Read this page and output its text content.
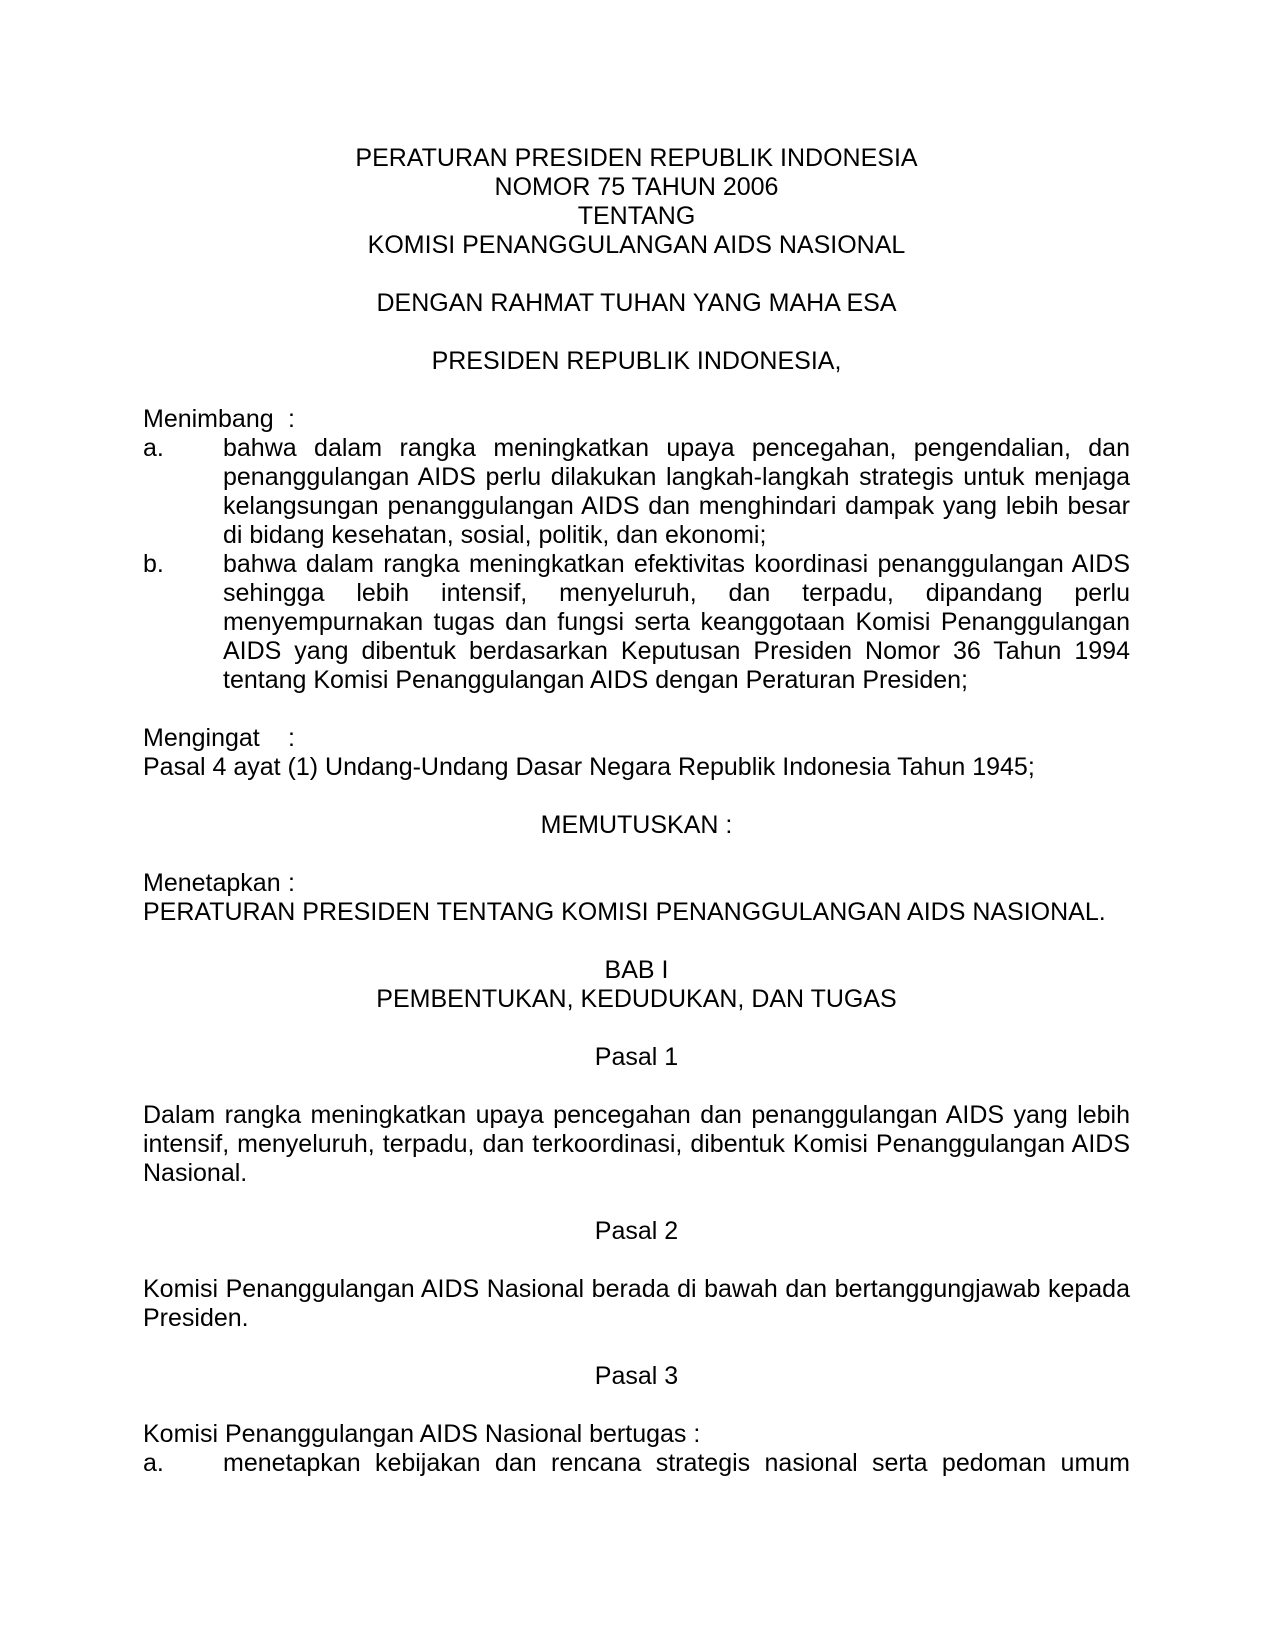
PERATURAN PRESIDEN REPUBLIK INDONESIA
NOMOR 75 TAHUN 2006
TENTANG
KOMISI PENANGGULANGAN AIDS NASIONAL
DENGAN RAHMAT TUHAN YANG MAHA ESA
PRESIDEN REPUBLIK INDONESIA,
Menimbang :
a. bahwa dalam rangka meningkatkan upaya pencegahan, pengendalian, dan penanggulangan AIDS perlu dilakukan langkah-langkah strategis untuk menjaga kelangsungan penanggulangan AIDS dan menghindari dampak yang lebih besar di bidang kesehatan, sosial, politik, dan ekonomi;
b. bahwa dalam rangka meningkatkan efektivitas koordinasi penanggulangan AIDS sehingga lebih intensif, menyeluruh, dan terpadu, dipandang perlu menyempurnakan tugas dan fungsi serta keanggotaan Komisi Penanggulangan AIDS yang dibentuk berdasarkan Keputusan Presiden Nomor 36 Tahun 1994 tentang Komisi Penanggulangan AIDS dengan Peraturan Presiden;
Mengingat :
Pasal 4 ayat (1) Undang-Undang Dasar Negara Republik Indonesia Tahun 1945;
MEMUTUSKAN :
Menetapkan :
PERATURAN PRESIDEN TENTANG KOMISI PENANGGULANGAN AIDS NASIONAL.
BAB I
PEMBENTUKAN, KEDUDUKAN, DAN TUGAS
Pasal 1
Dalam rangka meningkatkan upaya pencegahan dan penanggulangan AIDS yang lebih intensif, menyeluruh, terpadu, dan terkoordinasi, dibentuk Komisi Penanggulangan AIDS Nasional.
Pasal 2
Komisi Penanggulangan AIDS Nasional berada di bawah dan bertanggungjawab kepada Presiden.
Pasal 3
Komisi Penanggulangan AIDS Nasional bertugas :
a. menetapkan kebijakan dan rencana strategis nasional serta pedoman umum
